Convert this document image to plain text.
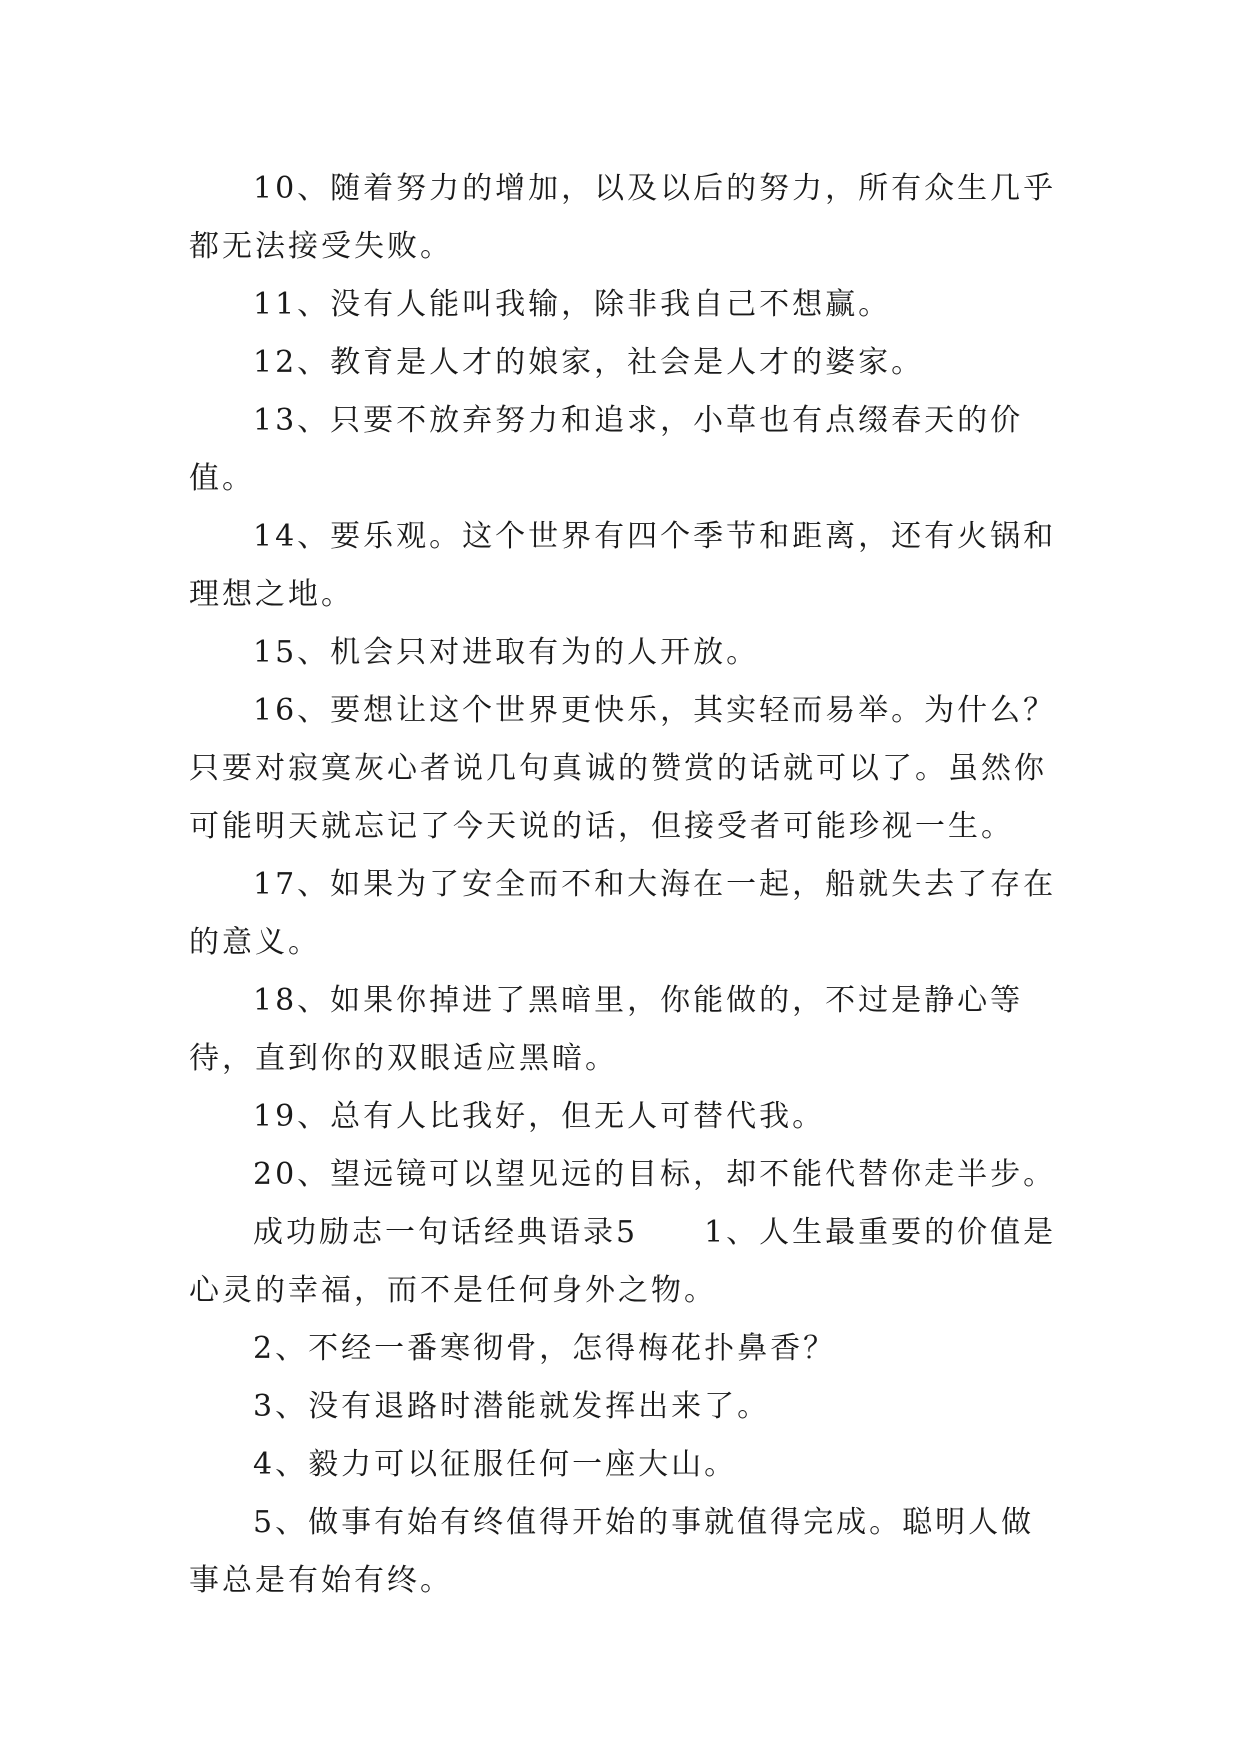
10、随着努力的增加，以及以后的努力，所有众生几乎都无法接受失败。

11、没有人能叫我输，除非我自己不想赢。

12、教育是人才的娘家，社会是人才的婆家。

13、只要不放弃努力和追求，小草也有点缀春天的价值。

14、要乐观。这个世界有四个季节和距离，还有火锅和理想之地。

15、机会只对进取有为的人开放。

16、要想让这个世界更快乐，其实轻而易举。为什么？只要对寂寞灰心者说几句真诚的赞赏的话就可以了。虽然你可能明天就忘记了今天说的话，但接受者可能珍视一生。

17、如果为了安全而不和大海在一起，船就失去了存在的意义。

18、如果你掉进了黑暗里，你能做的，不过是静心等待，直到你的双眼适应黑暗。

19、总有人比我好，但无人可替代我。

20、望远镜可以望见远的目标，却不能代替你走半步。

成功励志一句话经典语录5　　1、人生最重要的价值是心灵的幸福，而不是任何身外之物。

2、不经一番寒彻骨，怎得梅花扑鼻香？

3、没有退路时潜能就发挥出来了。

4、毅力可以征服任何一座大山。

5、做事有始有终值得开始的事就值得完成。聪明人做事总是有始有终。
